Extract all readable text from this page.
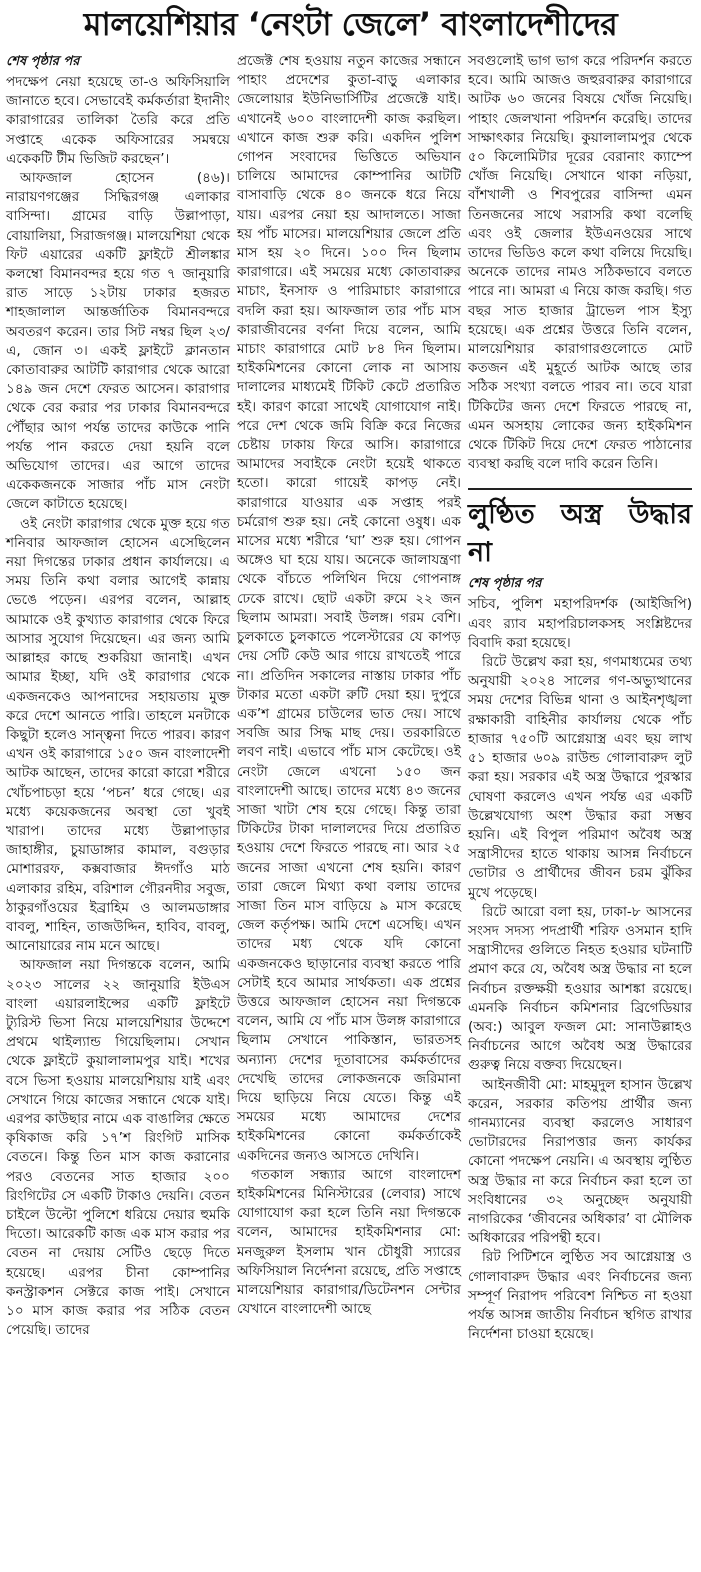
মালয়েশিয়ার ‘নেংটা জেলে’ বাংলাদেশীদের
শেষ পৃষ্ঠার পর

পদক্ষেপ নেয়া হয়েছে তা-ও অফিসিয়ালি জানাতে হবে। সেভাবেই কর্মকর্তারা ইদানীং কারাগারের তালিকা তৈরি করে প্রতি সপ্তাহে একেক অফিসারের সমন্বয়ে একেকটি টীম ভিজিট করছেন’।

আফজাল হোসেন (৪৬)। নারায়ণগঞ্জের সিদ্ধিরগঞ্জ এলাকার বাসিন্দা। গ্রামের বাড়ি উল্লাপাড়া, বোয়ালিয়া, সিরাজগঞ্জ। মালয়েশিয়া থেকে ফিট এয়ারের একটি ফ্লাইটে শ্রীলঙ্কার কলম্বো বিমানবন্দর হয়ে গত ৭ জানুয়ারি রাত সাড়ে ১২টায় ঢাকার হজরত শাহজালাল আন্তর্জাতিক বিমানবন্দরে অবতরণ করেন। তার সিট নম্বর ছিল ২৩/এ, জোন ৩। একই ফ্লাইটে ক্লানতান কোতাবারুর আটটি কারাগার থেকে আরো ১৪৯ জন দেশে ফেরত আসেন। কারাগার থেকে বের করার পর ঢাকার বিমানবন্দরে পৌঁছার আগ পর্যন্ত তাদের কাউকে পানি পর্যন্ত পান করতে দেয়া হয়নি বলে অভিযোগ তাদের। এর আগে তাদের একেকজনকে সাজার পাঁচ মাস নেংটা জেলে কাটাতে হয়েছে।

ওই নেংটা কারাগার থেকে মুক্ত হয়ে গত শনিবার আফজাল হোসেন এসেছিলেন নয়া দিগন্তের ঢাকার প্রধান কার্যালয়ে। এ সময় তিনি কথা বলার আগেই কান্নায় ভেঙে পড়েন। এরপর বলেন, আল্লাহ আমাকে ওই কুখ্যাত কারাগার থেকে ফিরে আসার সুযোগ দিয়েছেন। এর জন্য আমি আল্লাহর কাছে শুকরিয়া জানাই। এখন আমার ইচ্ছা, যদি ওই কারাগার থেকে একজনকেও আপনাদের সহায়তায় মুক্ত করে দেশে আনতে পারি। তাহলে মনটাকে কিছুটা হলেও সান্ত্বনা দিতে পারব। কারণ এখন ওই কারাগারে ১৫০ জন বাংলাদেশী আটক আছেন, তাদের কারো কারো শরীরে খোঁচপাচড়া হয়ে ‘পচন’ ধরে গেছে। এর মধ্যে কয়েকজনের অবস্থা তো খুবই খারাপ। তাদের মধ্যে উল্লাপাড়ার জাহাঙ্গীর, চুয়াডাঙ্গার কামাল, বগুড়ার মোশাররফ, কক্সবাজার ঈদগাঁও মাঠ এলাকার রহিম, বরিশাল গৌরনদীর সবুজ, ঠাকুরগাঁওয়ের ইব্রাহিম ও আলমডাঙ্গার বাবলু, শাহিন, তাজউদ্দিন, হাবিব, বাবলু, আনোয়ারের নাম মনে আছে।

আফজাল নয়া দিগন্তকে বলেন, আমি ২০২৩ সালের ২২ জানুয়ারি ইউএস বাংলা এয়ারলাইন্সের একটি ফ্লাইটে ট্যুরিস্ট ভিসা নিয়ে মালয়েশিয়ার উদ্দেশে প্রথমে থাইল্যান্ড গিয়েছিলাম। সেখান থেকে ফ্লাইটে কুয়ালালামপুর যাই। শখের বসে ভিসা হওয়ায় মালয়েশিয়ায় যাই এবং সেখানে গিয়ে কাজের সন্ধানে থেকে যাই। এরপর কাউছার নামে এক বাঙালির ক্ষেতে কৃষিকাজ করি ১৭’শ রিংগিট মাসিক বেতনে। কিন্তু তিন মাস কাজ করানোর পরও বেতনের সাত হাজার ২০০ রিংগিটের সে একটি টাকাও দেয়নি। বেতন চাইলে উল্টো পুলিশে ধরিয়ে দেয়ার হুমকি দিতো। আরেকটি কাজ এক মাস করার পর বেতন না দেয়ায় সেটিও ছেড়ে দিতে হয়েছে। এরপর চীনা কোম্পানির কনস্ট্রাকশন সেক্টরে কাজ পাই। সেখানে ১০ মাস কাজ করার পর সঠিক বেতন পেয়েছি। তাদের

প্রজেক্ট শেষ হওয়ায় নতুন কাজের সন্ধানে পাহাং প্রদেশের কুতা-বাড়ু এলাকার জেলোয়ার ইউনিভার্সিটির প্রজেক্টে যাই। এখানেই ৬০০ বাংলাদেশী কাজ করছিল। এখানে কাজ শুরু করি। একদিন পুলিশ গোপন সংবাদের ভিত্তিতে অভিযান চালিয়ে আমাদের কোম্পানির আটটি বাসাবাড়ি থেকে ৪০ জনকে ধরে নিয়ে যায়। এরপর নেয়া হয় আদালতে। সাজা হয় পাঁচ মাসের। মালয়েশিয়ার জেলে প্রতি মাস হয় ২০ দিনে। ১০০ দিন ছিলাম কারাগারে। এই সময়ের মধ্যে কোতাবারুর মাচাং, ইনসাফ ও পারিমাচাং কারাগারে বদলি করা হয়। আফজাল তার পাঁচ মাস কারাজীবনের বর্ণনা দিয়ে বলেন, আমি মাচাং কারাগারে মোট ৮৪ দিন ছিলাম। হাইকমিশনের কোনো লোক না আসায় দালালের মাধ্যমেই টিকিট কেটে প্রতারিত হই। কারণ কারো সাথেই যোগাযোগ নাই। পরে দেশ থেকে জমি বিক্রি করে নিজের চেষ্টায় ঢাকায় ফিরে আসি। কারাগারে আমাদের সবাইকে নেংটা হয়েই থাকতে হতো। কারো গায়েই কাপড় নেই। কারাগারে যাওয়ার এক সপ্তাহ পরই চর্মরোগ শুরু হয়। নেই কোনো ওষুধ। এক মাসের মধ্যে শরীরে ‘ঘা’ শুরু হয়। গোপন অঙ্গেও ঘা হয়ে যায়। অনেকে জালাযন্ত্রণা থেকে বাঁচতে পলিথিন দিয়ে গোপনাঙ্গ ঢেকে রাখে। ছোট একটা রুমে ২২ জন ছিলাম আমরা। সবাই উলঙ্গ। গরম বেশি। চুলকাতে চুলকাতে পলেস্টারের যে কাপড় দেয় সেটি কেউ আর গায়ে রাখতেই পারে না। প্রতিদিন সকালের নাস্তায় ঢাকার পাঁচ টাকার মতো একটা রুটি দেয়া হয়। দুপুরে এক’শ গ্রামের চাউলের ভাত দেয়। সাথে সবজি আর সিদ্ধ মাছ দেয়। তরকারিতে লবণ নাই। এভাবে পাঁচ মাস কেটেছে। ওই নেংটা জেলে এখনো ১৫০ জন বাংলাদেশী আছে। তাদের মধ্যে ৪৩ জনের সাজা খাটা শেষ হয়ে গেছে। কিন্তু তারা টিকিটের টাকা দালালদের দিয়ে প্রতারিত হওয়ায় দেশে ফিরতে পারছে না। আর ২৫ জনের সাজা এখনো শেষ হয়নি। কারণ তারা জেলে মিথ্যা কথা বলায় তাদের সাজা তিন মাস বাড়িয়ে ৯ মাস করেছে জেল কর্তৃপক্ষ। আমি দেশে এসেছি। এখন তাদের মধ্য থেকে যদি কোনো একজনকেও ছাড়ানোর ব্যবস্থা করতে পারি সেটাই হবে আমার সার্থকতা। এক প্রশ্নের উত্তরে আফজাল হোসেন নয়া দিগন্তকে বলেন, আমি যে পাঁচ মাস উলঙ্গ কারাগারে ছিলাম সেখানে পাকিস্তান, ভারতসহ অন্যান্য দেশের দূতাবাসের কর্মকর্তাদের দেখেছি তাদের লোকজনকে জরিমানা দিয়ে ছাড়িয়ে নিয়ে যেতে। কিন্তু এই সময়ের মধ্যে আমাদের দেশের হাইকমিশনের কোনো কর্মকর্তাকেই একদিনের জন্যও আসতে দেখিনি।

গতকাল সন্ধ্যার আগে বাংলাদেশ হাইকমিশনের মিনিস্টারের (লেবার) সাথে যোগাযোগ করা হলে তিনি নয়া দিগন্তকে বলেন, আমাদের হাইকমিশনার মো: মনজুরুল ইসলাম খান চৌধুরী স্যারের অফিসিয়াল নির্দেশনা রয়েছে, প্রতি সপ্তাহে মালয়েশিয়ার কারাগার/ডিটেনশন সেন্টার যেখানে বাংলাদেশী আছে

সবগুলোই ভাগ ভাগ করে পরিদর্শন করতে হবে। আমি আজও জহুরবারুর কারাগারে আটক ৬০ জনের বিষয়ে খোঁজ নিয়েছি। পাহাং জেলখানা পরিদর্শন করেছি। তাদের সাক্ষাৎকার নিয়েছি। কুয়ালালামপুর থেকে ৫০ কিলোমিটার দূরের বেরানাং ক্যাম্পে খোঁজ নিয়েছি। সেখানে থাকা নড়িয়া, বাঁশখালী ও শিবপুরের বাসিন্দা এমন তিনজনের সাথে সরাসরি কথা বলেছি এবং ওই জেলার ইউএনওয়ের সাথে তাদের ভিডিও কলে কথা বলিয়ে দিয়েছি। অনেকে তাদের নামও সঠিকভাবে বলতে পারে না। আমরা এ নিয়ে কাজ করছি। গত বছর সাত হাজার ট্রাভেল পাস ইস্যু হয়েছে। এক প্রশ্নের উত্তরে তিনি বলেন, মালয়েশিয়ার কারাগারগুলোতে মোট কতজন এই মুহূর্তে আটক আছে তার সঠিক সংখ্যা বলতে পারব না। তবে যারা টিকিটের জন্য দেশে ফিরতে পারছে না, এমন অসহায় লোকের জন্য হাইকমিশন থেকে টিকিট দিয়ে দেশে ফেরত পাঠানোর ব্যবস্থা করছি বলে দাবি করেন তিনি।

লুণ্ঠিত অস্ত্র উদ্ধার না
শেষ পৃষ্ঠার পর

সচিব, পুলিশ মহাপরিদর্শক (আইজিপি) এবং র‌্যাব মহাপরিচালকসহ সংশ্লিষ্টদের বিবাদি করা হয়েছে।

রিটে উল্লেখ করা হয়, গণমাধ্যমের তথ্য অনুযায়ী ২০২৪ সালের গণ-অভ্যুত্থানের সময় দেশের বিভিন্ন থানা ও আইনশৃঙ্খলা রক্ষাকারী বাহিনীর কার্যালয় থেকে পাঁচ হাজার ৭৫০টি আগ্নেয়াস্ত্র এবং ছয় লাখ ৫১ হাজার ৬০৯ রাউন্ড গোলাবারুদ লুট করা হয়। সরকার এই অস্ত্র উদ্ধারে পুরস্কার ঘোষণা করলেও এখন পর্যন্ত এর একটি উল্লেখযোগ্য অংশ উদ্ধার করা সম্ভব হয়নি। এই বিপুল পরিমাণ অবৈধ অস্ত্র সন্ত্রাসীদের হাতে থাকায় আসন্ন নির্বাচনে ভোটার ও প্রার্থীদের জীবন চরম ঝুঁকির মুখে পড়েছে।

রিটে আরো বলা হয়, ঢাকা-৮ আসনের সংসদ সদস্য পদপ্রার্থী শরিফ ওসমান হাদি সন্ত্রাসীদের গুলিতে নিহত হওয়ার ঘটনাটি প্রমাণ করে যে, অবৈধ অস্ত্র উদ্ধার না হলে নির্বাচন রক্তক্ষয়ী হওয়ার আশঙ্কা রয়েছে। এমনকি নির্বাচন কমিশনার ব্রিগেডিয়ার (অব:) আবুল ফজল মো: সানাউল্লাহও নির্বাচনের আগে অবৈধ অস্ত্র উদ্ধারের গুরুত্ব নিয়ে বক্তব্য দিয়েছেন।

আইনজীবী মো: মাহমুদুল হাসান উল্লেখ করেন, সরকার কতিপয় প্রার্থীর জন্য গানম্যানের ব্যবস্থা করলেও সাধারণ ভোটারদের নিরাপত্তার জন্য কার্যকর কোনো পদক্ষেপ নেয়নি। এ অবস্থায় লুণ্ঠিত অস্ত্র উদ্ধার না করে নির্বাচন করা হলে তা সংবিধানের ৩২ অনুচ্ছেদ অনুযায়ী নাগরিকের ‘জীবনের অধিকার’ বা মৌলিক অধিকারের পরিপন্থী হবে।

রিট পিটিশনে লুণ্ঠিত সব আগ্নেয়াস্ত্র ও গোলাবারুদ উদ্ধার এবং নির্বাচনের জন্য সম্পূর্ণ নিরাপদ পরিবেশ নিশ্চিত না হওয়া পর্যন্ত আসন্ন জাতীয় নির্বাচন স্থগিত রাখার নির্দেশনা চাওয়া হয়েছে।
